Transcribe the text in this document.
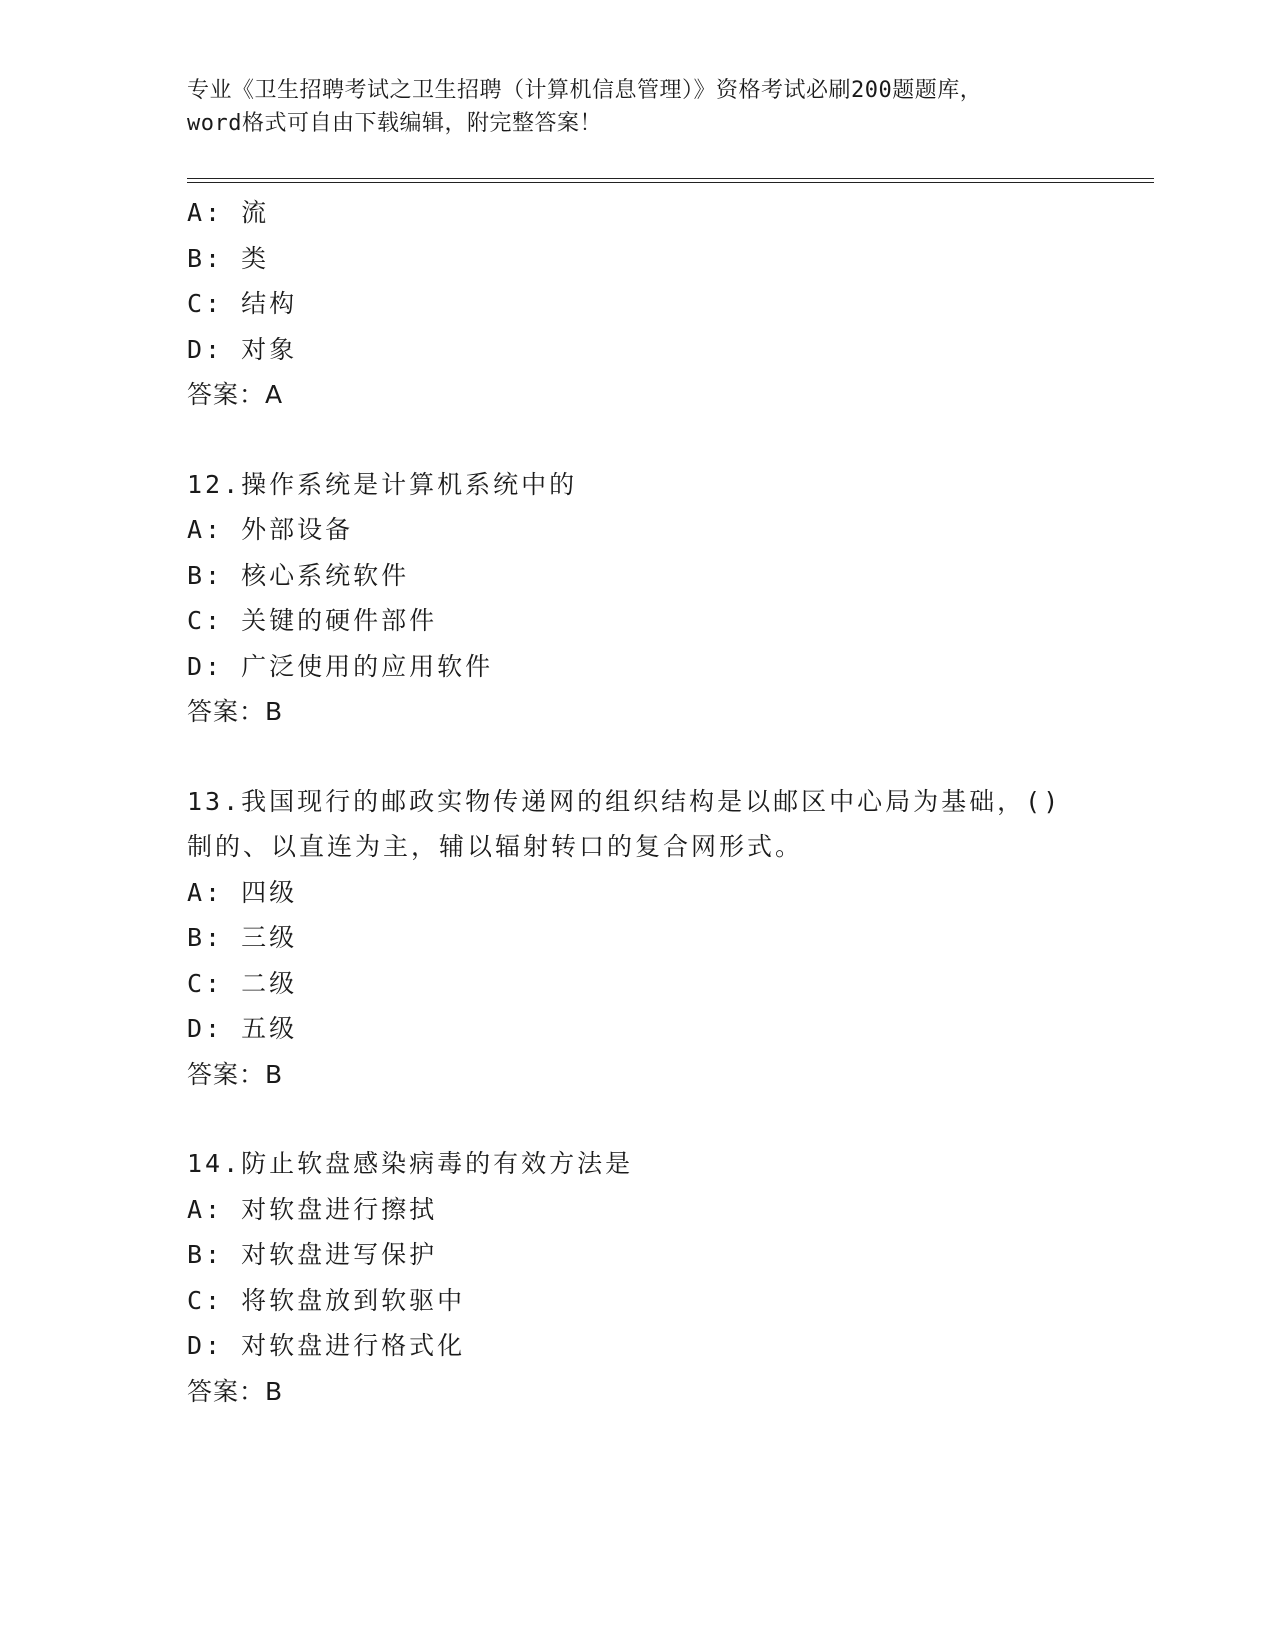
专业《卫生招聘考试之卫生招聘（计算机信息管理）》资格考试必刷200题题库，
word格式可自由下载编辑，附完整答案！
A: 流
B: 类
C: 结构
D: 对象
答案：A
12.操作系统是计算机系统中的
A: 外部设备
B: 核心系统软件
C: 关键的硬件部件
D: 广泛使用的应用软件
答案：B
13.我国现行的邮政实物传递网的组织结构是以邮区中心局为基础，()
制的、以直连为主，辅以辐射转口的复合网形式。
A: 四级
B: 三级
C: 二级
D: 五级
答案：B
14.防止软盘感染病毒的有效方法是
A: 对软盘进行擦拭
B: 对软盘进写保护
C: 将软盘放到软驱中
D: 对软盘进行格式化
答案：B
